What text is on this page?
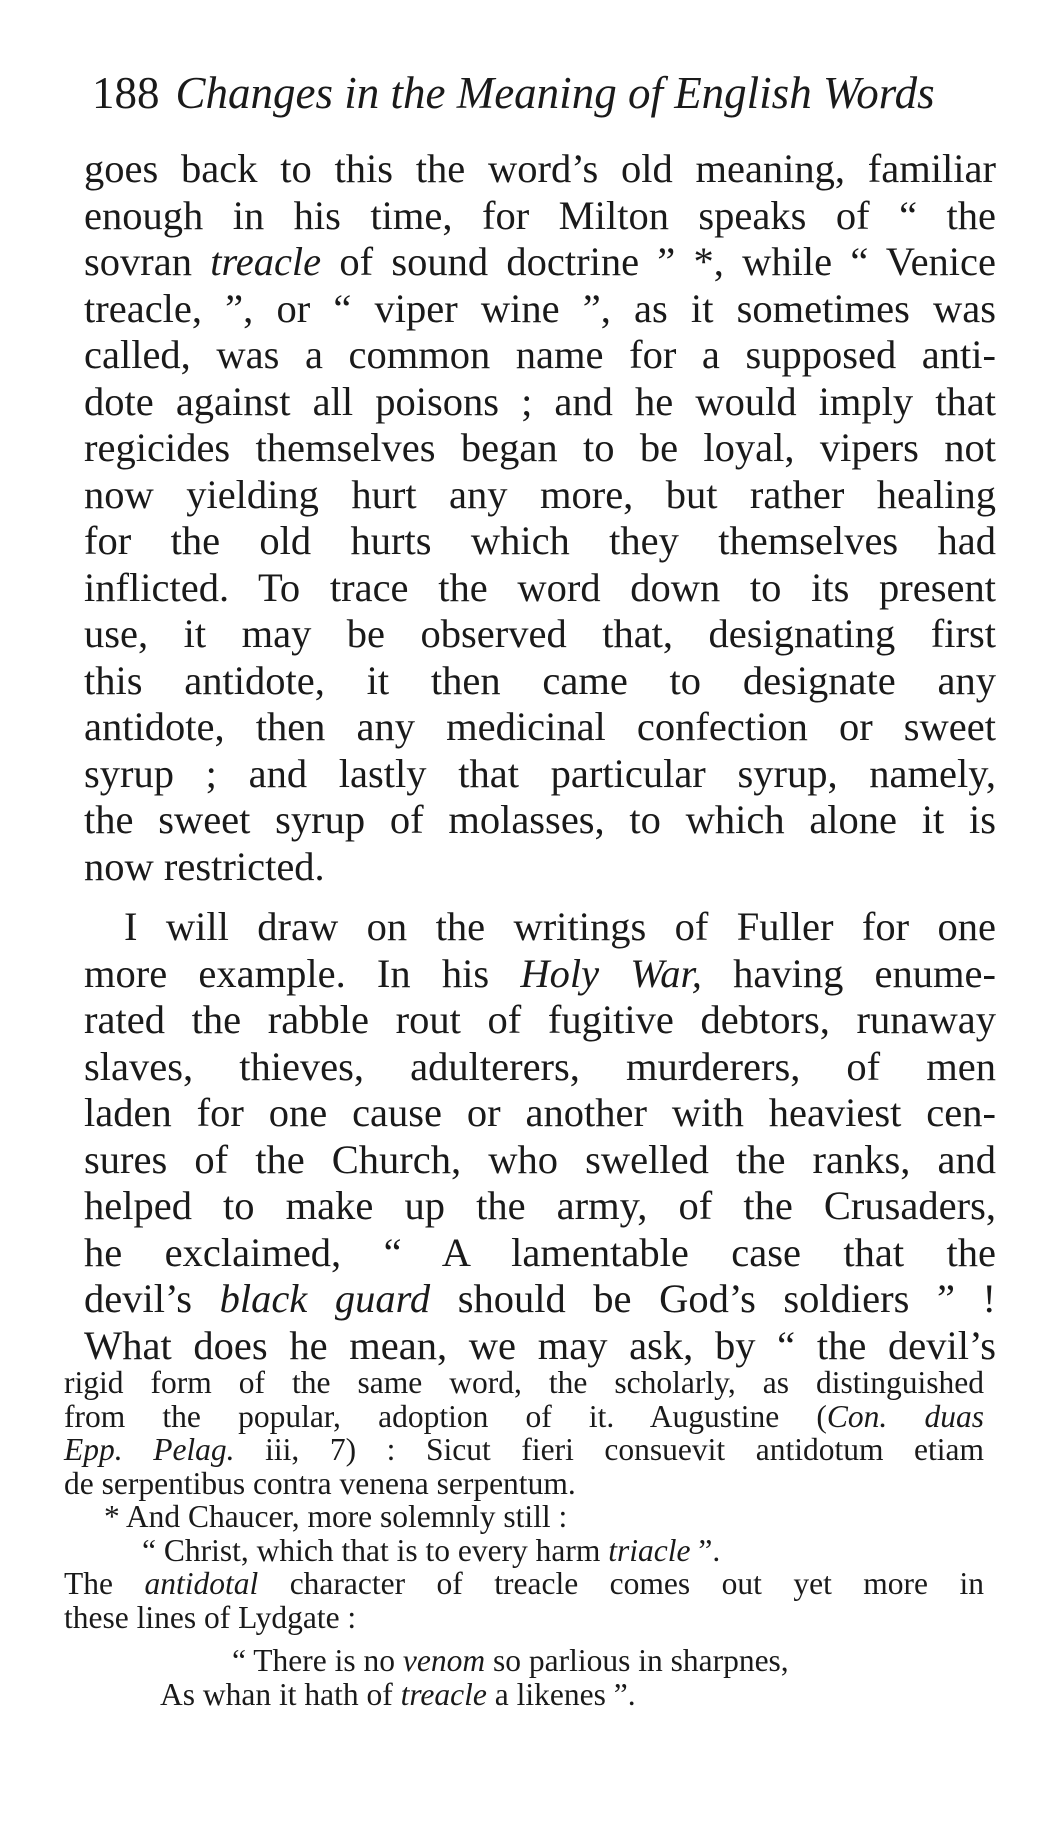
188 Changes in the Meaning of English Words
goes back to this the word’s old meaning, familiar
enough in his time, for Milton speaks of “ the
sovran treacle of sound doctrine ” *, while “ Venice
treacle, ”, or “ viper wine ”, as it sometimes was
called, was a common name for a supposed anti-
dote against all poisons ; and he would imply that
regicides themselves began to be loyal, vipers not
now yielding hurt any more, but rather healing
for the old hurts which they themselves had
inflicted. To trace the word down to its present
use, it may be observed that, designating first
this antidote, it then came to designate any
antidote, then any medicinal confection or sweet
syrup ; and lastly that particular syrup, namely,
the sweet syrup of molasses, to which alone it is
now restricted.
I will draw on the writings of Fuller for one
more example. In his Holy War, having enume-
rated the rabble rout of fugitive debtors, runaway
slaves, thieves, adulterers, murderers, of men
laden for one cause or another with heaviest cen-
sures of the Church, who swelled the ranks, and
helped to make up the army, of the Crusaders,
he exclaimed, “ A lamentable case that the
devil’s black guard should be God’s soldiers ” !
What does he mean, we may ask, by “ the devil’s
rigid form of the same word, the scholarly, as distinguished
from the popular, adoption of it. Augustine (Con. duas
Epp. Pelag. iii, 7) : Sicut fieri consuevit antidotum etiam
de serpentibus contra venena serpentum.
* And Chaucer, more solemnly still :
“ Christ, which that is to every harm triacle ”.
The antidotal character of treacle comes out yet more in
these lines of Lydgate :
“ There is no venom so parlious in sharpnes,
As whan it hath of treacle a likenes ”.
